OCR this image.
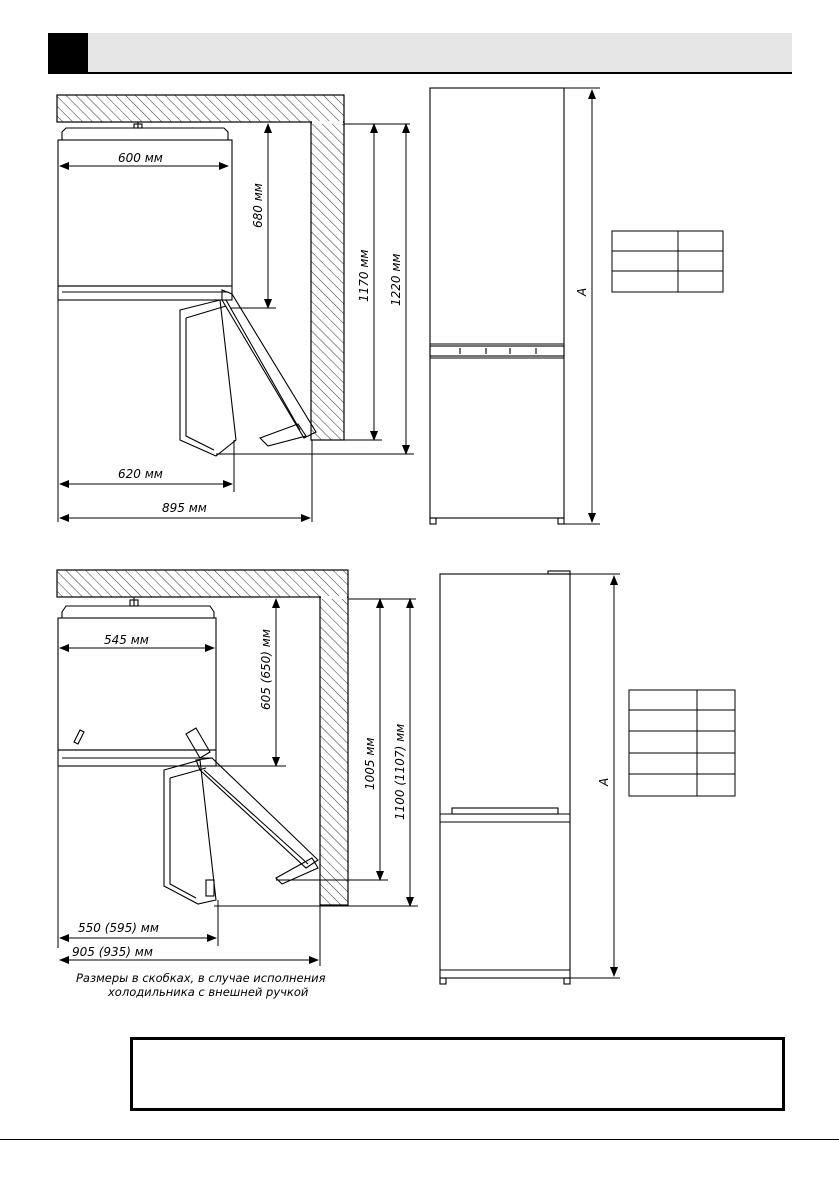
600 мм
680 мм
1170 мм 1220 мм
620 мм
895 мм
A
545 мм	605 (650) мм
1005 мм 1100 (1107) мм
550 (595) мм
905 (935) мм
Размеры в скобках, в случае исполнения
холодильника с внешней ручкой
A
